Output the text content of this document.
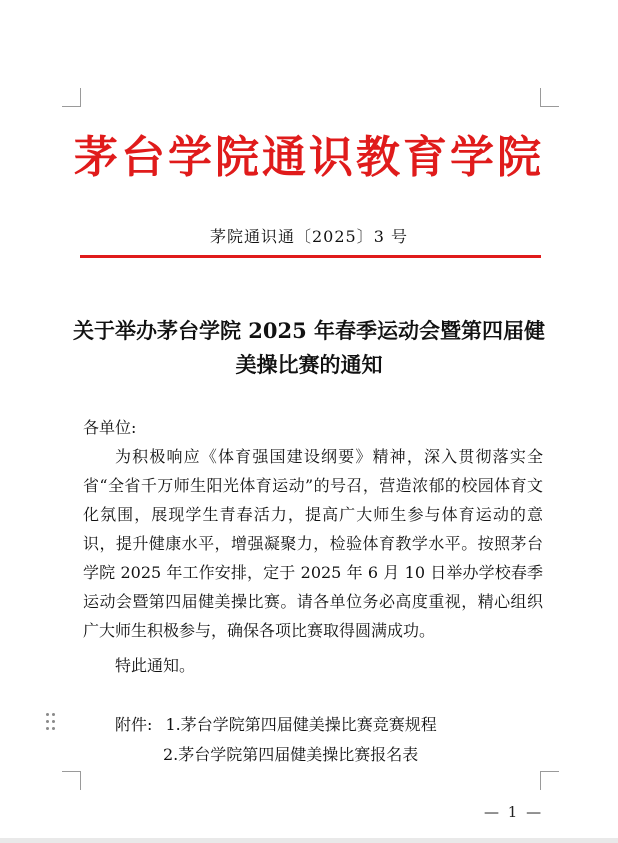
茅台学院通识教育学院
茅院通识通〔2025〕3 号
关于举办茅台学院 2025 年春季运动会暨第四届健美操比赛的通知
各单位:
为积极响应《体育强国建设纲要》精神，深入贯彻落实全省“全省千万师生阳光体育运动”的号召，营造浓郁的校园体育文化氛围，展现学生青春活力，提高广大师生参与体育运动的意识，提升健康水平，增强凝聚力，检验体育教学水平。按照茅台学院 2025 年工作安排，定于 2025 年 6 月 10 日举办学校春季运动会暨第四届健美操比赛。请各单位务必高度重视，精心组织广大师生积极参与，确保各项比赛取得圆满成功。
特此通知。
附件: 1.茅台学院第四届健美操比赛竞赛规程
2.茅台学院第四届健美操比赛报名表
— 1 —
